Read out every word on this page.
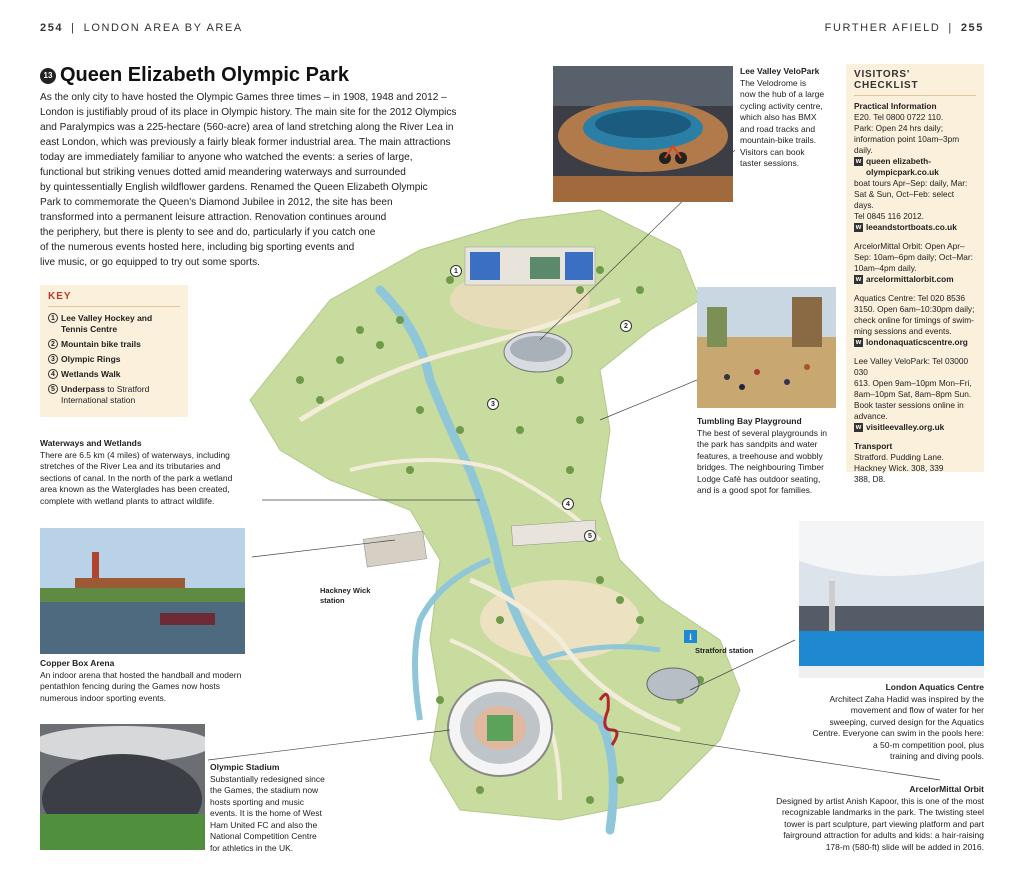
254 | LONDON AREA BY AREA	FURTHER AFIELD | 255
1
2
3
4
5
Hackney Wick
station
i
Stratford station
13 Queen Elizabeth Olympic Park
As the only city to have hosted the Olympic Games three times – in 1908, 1948 and 2012 –
London is justifiably proud of its place in Olympic history. The main site for the 2012 Olympics
and Paralympics was a 225-hectare (560-acre) area of land stretching along the River Lea in
east London, which was previously a fairly bleak former industrial area. The main attractions
today are immediately familiar to anyone who watched the events: a series of large,
functional but striking venues dotted amid meandering waterways and surrounded
by quintessentially English wildflower gardens. Renamed the Queen Elizabeth Olympic
Park to commemorate the Queen's Diamond Jubilee in 2012, the site has been
transformed into a permanent leisure attraction. Renovation continues around
the periphery, but there is plenty to see and do, particularly if you catch one
of the numerous events hosted here, including big sporting events and
live music, or go equipped to try out some sports.
KEY
1 Lee Valley Hockey and Tennis Centre
2 Mountain bike trails
3 Olympic Rings
4 Wetlands Walk
5 Underpass to Stratford International station
Lee Valley VeloPark
The Velodrome is
now the hub of a large
cycling activity centre,
which also has BMX
and road tracks and
mountain-bike trails.
Visitors can book
taster sessions.
Waterways and Wetlands
There are 6.5 km (4 miles) of waterways, including
stretches of the River Lea and its tributaries and
sections of canal. In the north of the park a wetland
area known as the Waterglades has been created,
complete with wetland plants to attract wildlife.
Tumbling Bay Playground
The best of several playgrounds in
the park has sandpits and water
features, a treehouse and wobbly
bridges. The neighbouring Timber
Lodge Café has outdoor seating,
and is a good spot for families.
Copper Box Arena
An indoor arena that hosted the handball and modern
pentathlon fencing during the Games now hosts
numerous indoor sporting events.
London Aquatics Centre
Architect Zaha Hadid was inspired by the
movement and flow of water for her
sweeping, curved design for the Aquatics
Centre. Everyone can swim in the pools here:
a 50-m competition pool, plus
training and diving pools.
Olympic Stadium
Substantially redesigned since
the Games, the stadium now
hosts sporting and music
events. It is the home of West
Ham United FC and also the
National Competition Centre
for athletics in the UK.
ArcelorMittal Orbit
Designed by artist Anish Kapoor, this is one of the most
recognizable landmarks in the park. The twisting steel
tower is part sculpture, part viewing platform and part
fairground attraction for adults and kids: a hair-raising
178-m (580-ft) slide will be added in 2016.
VISITORS' CHECKLIST
Practical Information
E20. Tel 0800 0722 110.
Park: Open 24 hrs daily;
information point 10am–3pm
daily.
w queen elizabeth-olympicpark.co.uk
boat tours Apr–Sep: daily, Mar:
Sat & Sun, Oct–Feb: select days.
Tel 0845 116 2012.
w leeandstortboats.co.uk
ArcelorMittal Orbit: Open Apr–
Sep: 10am–6pm daily; Oct–Mar:
10am–4pm daily.
w arcelormittalorbit.com
Aquatics Centre: Tel 020 8536
3150. Open 6am–10:30pm daily;
check online for timings of swim-
ming sessions and events.
w londonaquaticscentre.org
Lee Valley VeloPark: Tel 03000 030
613. Open 9am–10pm Mon–Fri,
8am–10pm Sat, 8am–8pm Sun.
Book taster sessions online in
advance.
w visitleevalley.org.uk
Transport
Stratford. Pudding Lane.
Hackney Wick. 308, 339
388, D8.
